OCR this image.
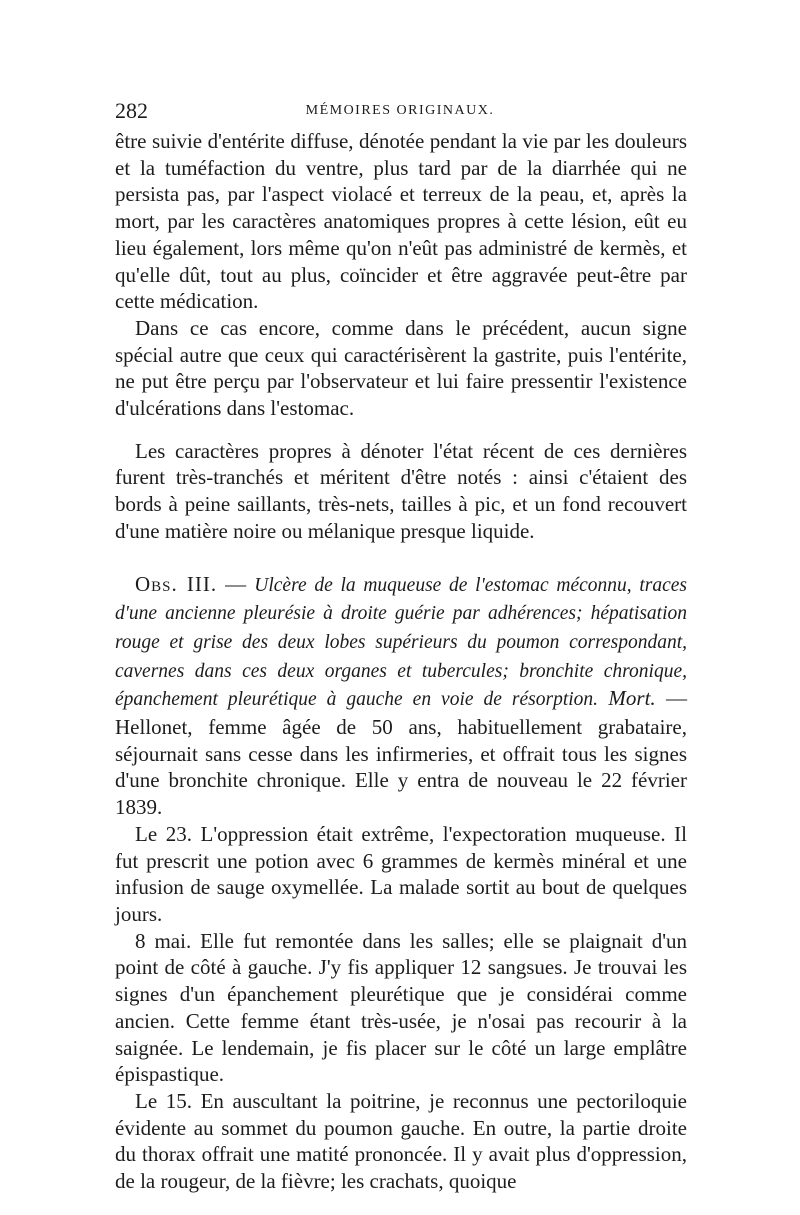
282	MÉMOIRES ORIGINAUX.

être suivie d'entérite diffuse, dénotée pendant la vie par les douleurs et la tuméfaction du ventre, plus tard par de la diarrhée qui ne persista pas, par l'aspect violacé et terreux de la peau, et, après la mort, par les caractères anatomiques propres à cette lésion, eût eu lieu également, lors même qu'on n'eût pas administré de kermès, et qu'elle dût, tout au plus, coïncider et être aggravée peut-être par cette médication.

Dans ce cas encore, comme dans le précédent, aucun signe spécial autre que ceux qui caractérisèrent la gastrite, puis l'entérite, ne put être perçu par l'observateur et lui faire pressentir l'existence d'ulcérations dans l'estomac.

Les caractères propres à dénoter l'état récent de ces dernières furent très-tranchés et méritent d'être notés : ainsi c'étaient des bords à peine saillants, très-nets, tailles à pic, et un fond recouvert d'une matière noire ou mélanique presque liquide.

Obs. III. — Ulcère de la muqueuse de l'estomac méconnu, traces d'une ancienne pleurésie à droite guérie par adhérences; hépatisation rouge et grise des deux lobes supérieurs du poumon correspondant, cavernes dans ces deux organes et tubercules; bronchite chronique, épanchement pleurétique à gauche en voie de résorption. Mort. — Hellonet, femme âgée de 50 ans, habituellement grabataire, séjournait sans cesse dans les infirmeries, et offrait tous les signes d'une bronchite chronique. Elle y entra de nouveau le 22 février 1839.

Le 23. L'oppression était extrême, l'expectoration muqueuse. Il fut prescrit une potion avec 6 grammes de kermès minéral et une infusion de sauge oxymellée. La malade sortit au bout de quelques jours.

8 mai. Elle fut remontée dans les salles; elle se plaignait d'un point de côté à gauche. J'y fis appliquer 12 sangsues. Je trouvai les signes d'un épanchement pleurétique que je considérai comme ancien. Cette femme étant très-usée, je n'osai pas recourir à la saignée. Le lendemain, je fis placer sur le côté un large emplâtre épispastique.

Le 15. En auscultant la poitrine, je reconnus une pectoriloquie évidente au sommet du poumon gauche. En outre, la partie droite du thorax offrait une matité prononcée. Il y avait plus d'oppression, de la rougeur, de la fièvre; les crachats, quoique
